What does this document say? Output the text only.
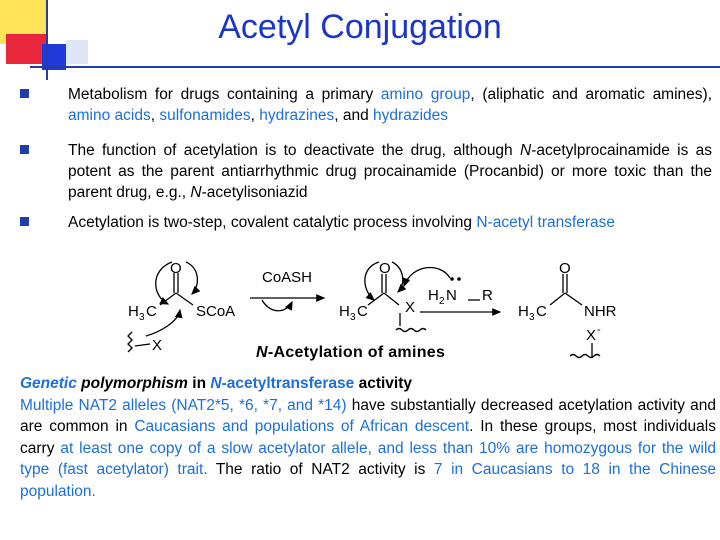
Acetyl Conjugation
Metabolism for drugs containing a primary amino group, (aliphatic and aromatic amines), amino acids, sulfonamides, hydrazines, and hydrazides
The function of acetylation is to deactivate the drug, although N-acetylprocainamide is as potent as the parent antiarrhythmic drug procainamide (Procanbid) or more toxic than the parent drug, e.g., N-acetylisoniazid
Acetylation is two-step, covalent catalytic process involving N-acetyl transferase
O
H 3 C	SCoA
X
CoASH
O
H 3 C X
H 2 N R
O
H 3 C NHR
X -
N-Acetylation of amines
Genetic polymorphism in N-acetyltransferase activity
Multiple NAT2 alleles (NAT2*5, *6, *7, and *14) have substantially decreased acetylation activity and are common in Caucasians and populations of African descent. In these groups, most individuals carry at least one copy of a slow acetylator allele, and less than 10% are homozygous for the wild type (fast acetylator) trait. The ratio of NAT2 activity is 7 in Caucasians to 18 in the Chinese population.
